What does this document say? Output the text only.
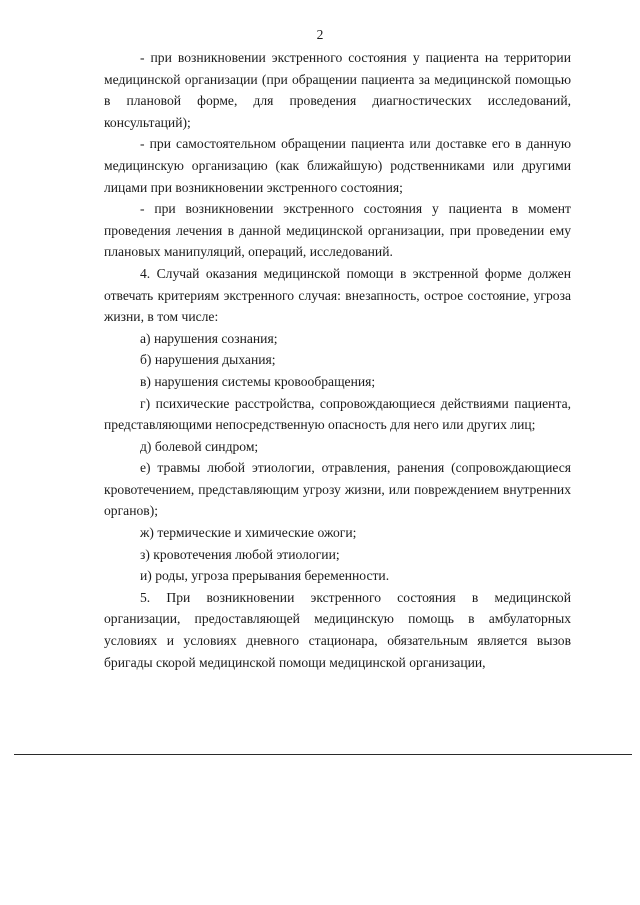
2

- при возникновении экстренного состояния у пациента на территории медицинской организации (при обращении пациента за медицинской помощью в плановой форме, для проведения диагностических исследований, консультаций);

- при самостоятельном обращении пациента или доставке его в данную медицинскую организацию (как ближайшую) родственниками или другими лицами при возникновении экстренного состояния;

- при возникновении экстренного состояния у пациента в момент проведения лечения в данной медицинской организации, при проведении ему плановых манипуляций, операций, исследований.

4. Случай оказания медицинской помощи в экстренной форме должен отвечать критериям экстренного случая: внезапность, острое состояние, угроза жизни, в том числе:

а) нарушения сознания;

б) нарушения дыхания;

в) нарушения системы кровообращения;

г) психические расстройства, сопровождающиеся действиями пациента, представляющими непосредственную опасность для него или других лиц;

д) болевой синдром;

е) травмы любой этиологии, отравления, ранения (сопровождающиеся кровотечением, представляющим угрозу жизни, или повреждением внутренних органов);

ж) термические и химические ожоги;

з) кровотечения любой этиологии;

и) роды, угроза прерывания беременности.

5. При возникновении экстренного состояния в медицинской организации, предоставляющей медицинскую помощь в амбулаторных условиях и условиях дневного стационара, обязательным является вызов бригады скорой медицинской помощи медицинской организации,
